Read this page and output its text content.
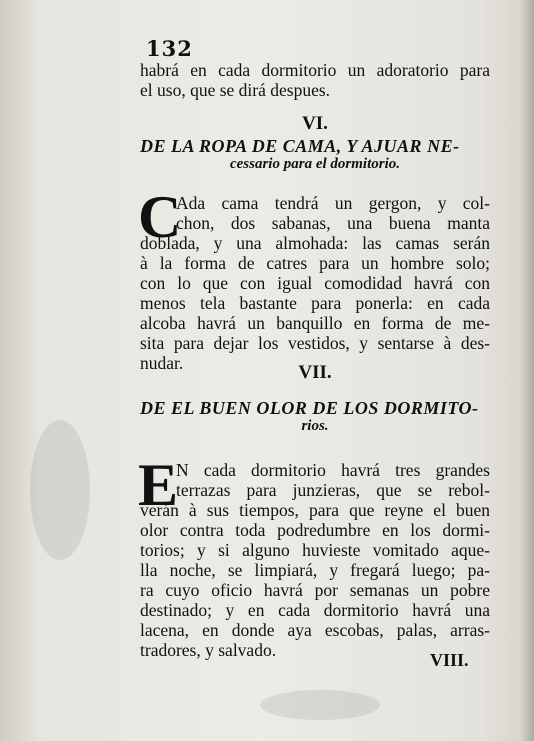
132
habrá en cada dormitorio un adoratorio para
el uso, que se dirá despues.
VI.
DE LA ROPA DE CAMA, Y AJUAR NE-
cessario para el dormitorio.
C
Ada cama tendrá un gergon, y col-
chon, dos sabanas, una buena manta
doblada, y una almohada: las camas serán
à la forma de catres para un hombre solo;
con lo que con igual comodidad havrá con
menos tela bastante para ponerla: en cada
alcoba havrá un banquillo en forma de me-
sita para dejar los vestidos, y sentarse à des-
nudar.	VII.
DE EL BUEN OLOR DE LOS DORMITO-
rios.
E
N cada dormitorio havrá tres grandes
terrazas para junzieras, que se rebol-
verán à sus tiempos, para que reyne el buen
olor contra toda podredumbre en los dormi-
torios; y si alguno huvieste vomitado aque-
lla noche, se limpiará, y fregará luego; pa-
ra cuyo oficio havrá por semanas un pobre
destinado; y en cada dormitorio havrá una
lacena, en donde aya escobas, palas, arras-
tradores, y salvado.	VIII.
